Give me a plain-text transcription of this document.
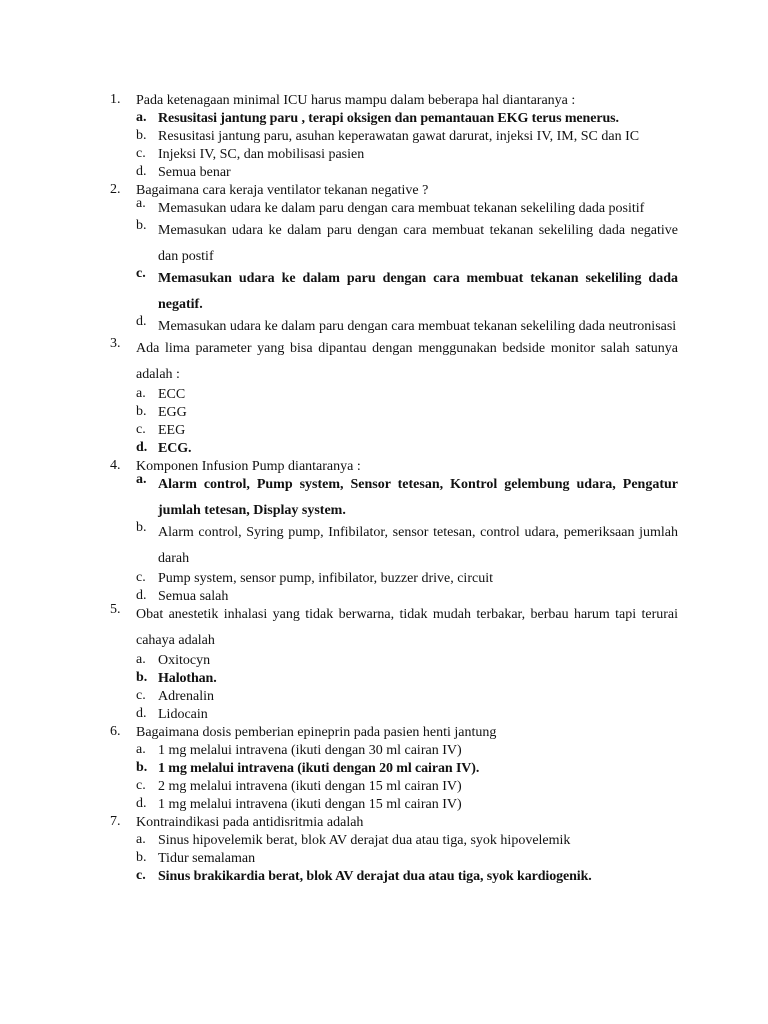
1.	Pada ketenagaan minimal ICU harus mampu dalam beberapa hal diantaranya :
a. Resusitasi jantung paru , terapi oksigen dan pemantauan EKG terus menerus.
b. Resusitasi jantung paru, asuhan keperawatan gawat darurat, injeksi IV, IM, SC dan IC
c. Injeksi IV, SC, dan mobilisasi pasien
d. Semua benar
2.	Bagaimana cara keraja ventilator tekanan negative ?
a. Memasukan udara ke dalam paru dengan cara membuat tekanan sekeliling dada positif
b. Memasukan udara ke dalam paru dengan cara membuat tekanan sekeliling dada negative dan postif
c. Memasukan udara ke dalam paru dengan cara membuat tekanan sekeliling dada negatif.
d. Memasukan udara ke dalam paru dengan cara membuat tekanan sekeliling dada neutronisasi
3.	Ada lima parameter yang bisa dipantau dengan menggunakan bedside monitor salah satunya adalah :
a. ECC
b. EGG
c. EEG
d. ECG.
4.	Komponen Infusion Pump diantaranya :
a. Alarm control, Pump system, Sensor tetesan, Kontrol gelembung udara, Pengatur jumlah tetesan, Display system.
b. Alarm control, Syring pump, Infibilator, sensor tetesan, control udara, pemeriksaan jumlah darah
c. Pump system, sensor pump, infibilator, buzzer drive, circuit
d. Semua salah
5.	Obat anestetik inhalasi yang tidak berwarna, tidak mudah terbakar, berbau harum tapi terurai cahaya adalah
a. Oxitocyn
b. Halothan.
c. Adrenalin
d. Lidocain
6.	Bagaimana dosis pemberian epineprin pada pasien henti jantung
a. 1 mg melalui intravena (ikuti dengan 30 ml cairan IV)
b. 1 mg melalui intravena (ikuti dengan 20 ml cairan IV).
c. 2 mg melalui intravena (ikuti dengan 15 ml cairan IV)
d. 1 mg melalui intravena (ikuti dengan 15 ml cairan IV)
7.	Kontraindikasi pada antidisritmia adalah
a. Sinus hipovelemik berat, blok AV derajat dua atau tiga, syok hipovelemik
b. Tidur semalaman
c. Sinus brakikardia berat, blok AV derajat dua atau tiga, syok kardiogenik.
